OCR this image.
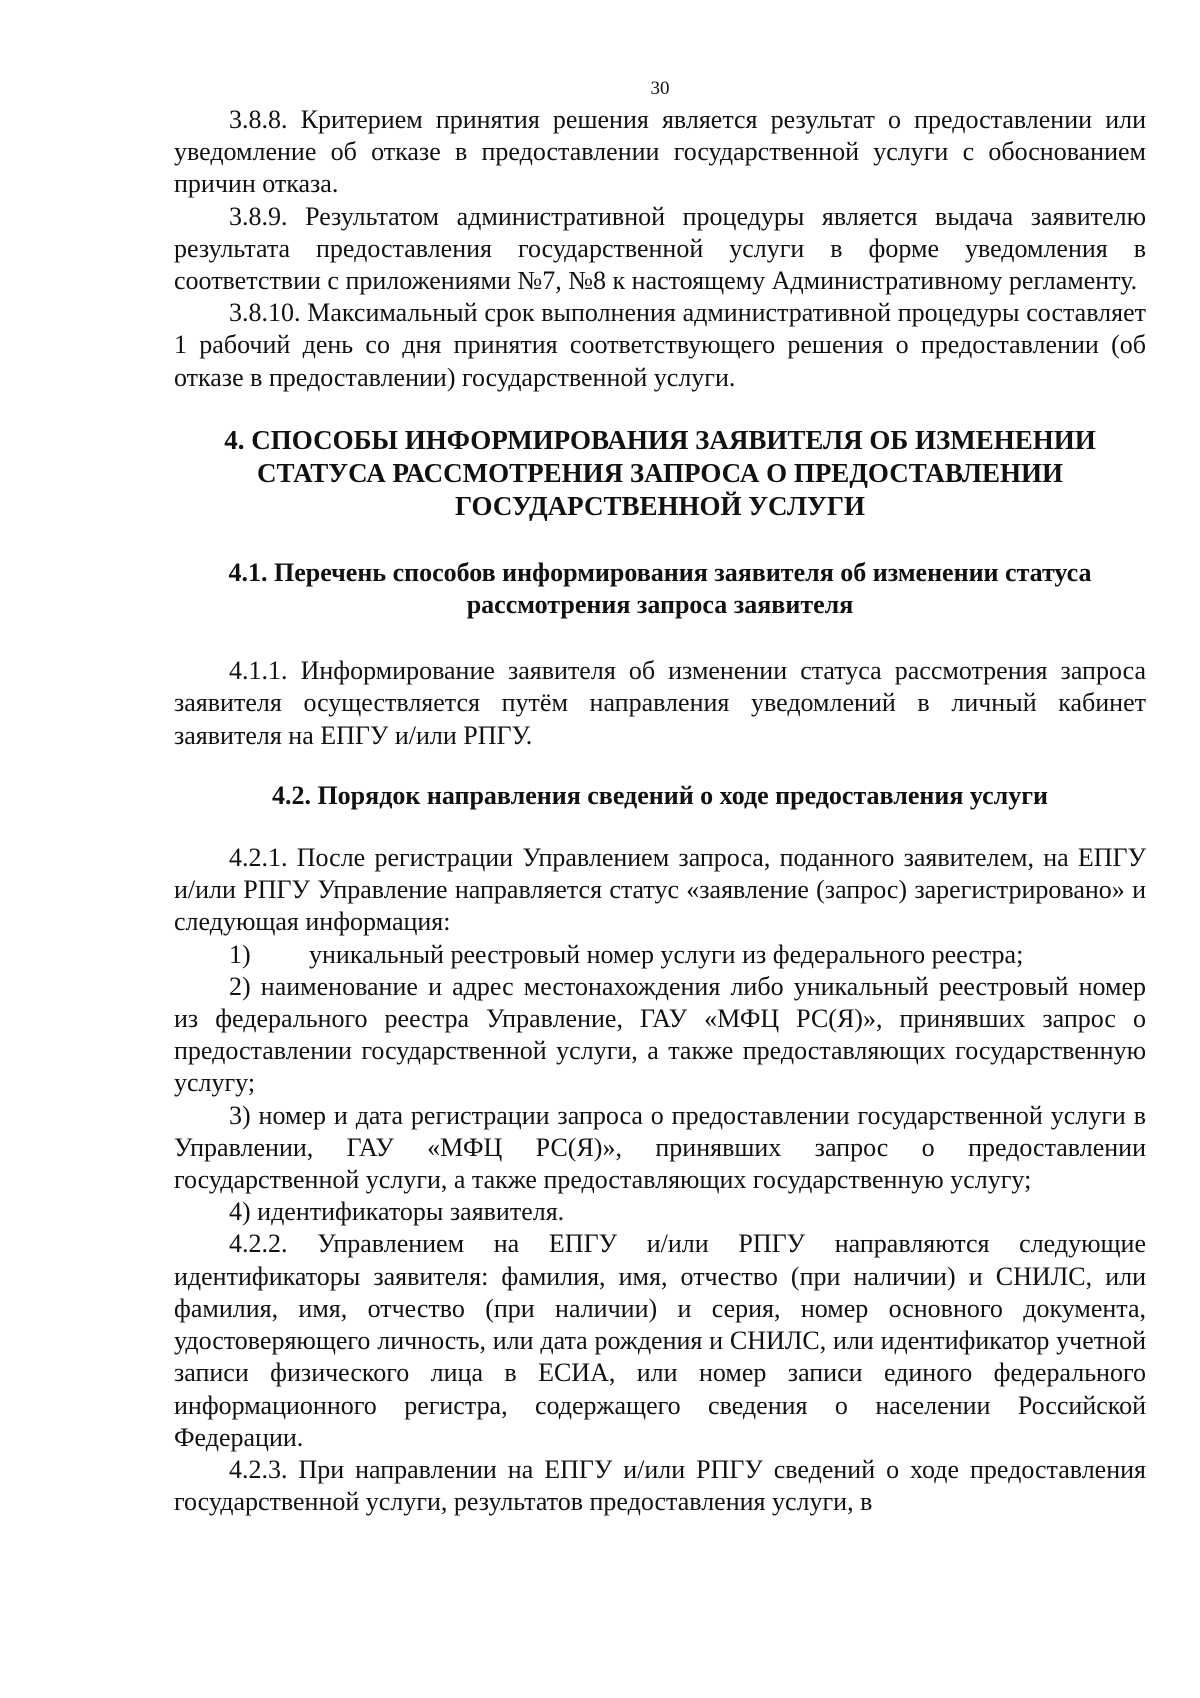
30

3.8.8. Критерием принятия решения является результат о предоставлении или уведомление об отказе в предоставлении государственной услуги с обоснованием причин отказа.

3.8.9. Результатом административной процедуры является выдача заявителю результата предоставления государственной услуги в форме уведомления в соответствии с приложениями №7, №8 к настоящему Административному регламенту.

3.8.10. Максимальный срок выполнения административной процедуры составляет 1 рабочий день со дня принятия соответствующего решения о предоставлении (об отказе в предоставлении) государственной услуги.

4. СПОСОБЫ ИНФОРМИРОВАНИЯ ЗАЯВИТЕЛЯ ОБ ИЗМЕНЕНИИ
СТАТУСА РАССМОТРЕНИЯ ЗАПРОСА О ПРЕДОСТАВЛЕНИИ
ГОСУДАРСТВЕННОЙ УСЛУГИ
4.1. Перечень способов информирования заявителя об изменении статуса
рассмотрения запроса заявителя

4.1.1. Информирование заявителя об изменении статуса рассмотрения запроса заявителя осуществляется путём направления уведомлений в личный кабинет заявителя на ЕПГУ и/или РПГУ.

4.2. Порядок направления сведений о ходе предоставления услуги

4.2.1. После регистрации Управлением запроса, поданного заявителем, на ЕПГУ и/или РПГУ Управление направляется статус «заявление (запрос) зарегистрировано» и следующая информация:

1) уникальный реестровый номер услуги из федерального реестра;

2) наименование и адрес местонахождения либо уникальный реестровый номер из федерального реестра Управление, ГАУ «МФЦ РС(Я)», принявших запрос о предоставлении государственной услуги, а также предоставляющих государственную услугу;

3) номер и дата регистрации запроса о предоставлении государственной услуги в Управлении, ГАУ «МФЦ РС(Я)», принявших запрос о предоставлении государственной услуги, а также предоставляющих государственную услугу;

4) идентификаторы заявителя.

4.2.2. Управлением на ЕПГУ и/или РПГУ направляются следующие идентификаторы заявителя: фамилия, имя, отчество (при наличии) и СНИЛС, или фамилия, имя, отчество (при наличии) и серия, номер основного документа, удостоверяющего личность, или дата рождения и СНИЛС, или идентификатор учетной записи физического лица в ЕСИА, или номер записи единого федерального информационного регистра, содержащего сведения о населении Российской Федерации.

4.2.3. При направлении на ЕПГУ и/или РПГУ сведений о ходе предоставления государственной услуги, результатов предоставления услуги, в
